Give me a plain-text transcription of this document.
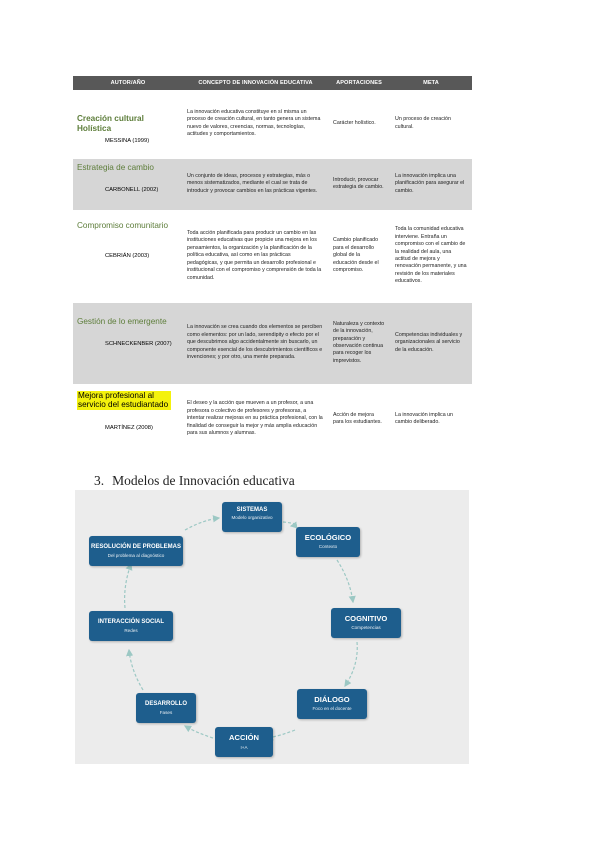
AUTOR/AÑO	CONCEPTO DE INNOVACIÓN EDUCATIVA	APORTACIONES	META

Creación cultural Holística
MESSINA (1999)	La innovación educativa constituye en sí misma un proceso de creación cultural, en tanto genera un sistema nuevo de valores, creencias, normas, tecnologías, actitudes y comportamientos.	Carácter holístico.	Un proceso de creación cultural.

Estrategia de cambio
CARBONELL (2002)	Un conjunto de ideas, procesos y estrategias, más o menos sistematizados, mediante el cual se trata de introducir y provocar cambios en las prácticas vigentes.	Introducir, provocar estrategia de cambio.	La innovación implica una planificación para asegurar el cambio.

Compromiso comunitario
CEBRIÁN (2003)	Toda acción planificada para producir un cambio en las instituciones educativas que propicie una mejora en los pensamientos, la organización y la planificación de la política educativa, así como en las prácticas pedagógicas, y que permita un desarrollo profesional e institucional con el compromiso y comprensión de toda la comunidad.	Cambio planificado para el desarrollo global de la educación desde el compromiso.	Toda la comunidad educativa interviene. Entraña un compromiso con el cambio de la realidad del aula, una actitud de mejora y renovación permanente, y una revisión de los materiales educativos.

Gestión de lo emergente
SCHNECKENBER (2007)	La innovación se crea cuando dos elementos se perciben como elementos: por un lado, serendipity o efecto por el que descubrimos algo accidentalmente sin buscarlo, un componente esencial de los descubrimientos científicos e invenciones; y por otro, una mente preparada.	Naturaleza y contexto de la innovación, preparación y observación continua para recoger los imprevistos.	Competencias individuales y organizacionales al servicio de la educación.

Mejora profesional al servicio del estudiantado
MARTÍNEZ (2008)	El deseo y la acción que mueven a un profesor, a una profesora o colectivo de profesores y profesoras, a intentar realizar mejoras en su práctica profesional, con la finalidad de conseguir la mejor y más amplia educación para sus alumnos y alumnas.	Acción de mejora para los estudiantes.	La innovación implica un cambio deliberado.
3. Modelos de Innovación educativa
SISTEMAS
Modelo organizativo
ECOLÓGICO
Contexto
COGNITIVO
Competencias
DIÁLOGO
Foco en el docente
ACCIÓN
I+A
DESARROLLO
Fases
INTERACCIÓN SOCIAL
Redes
RESOLUCIÓN DE PROBLEMAS
Del problema al diagnóstico
